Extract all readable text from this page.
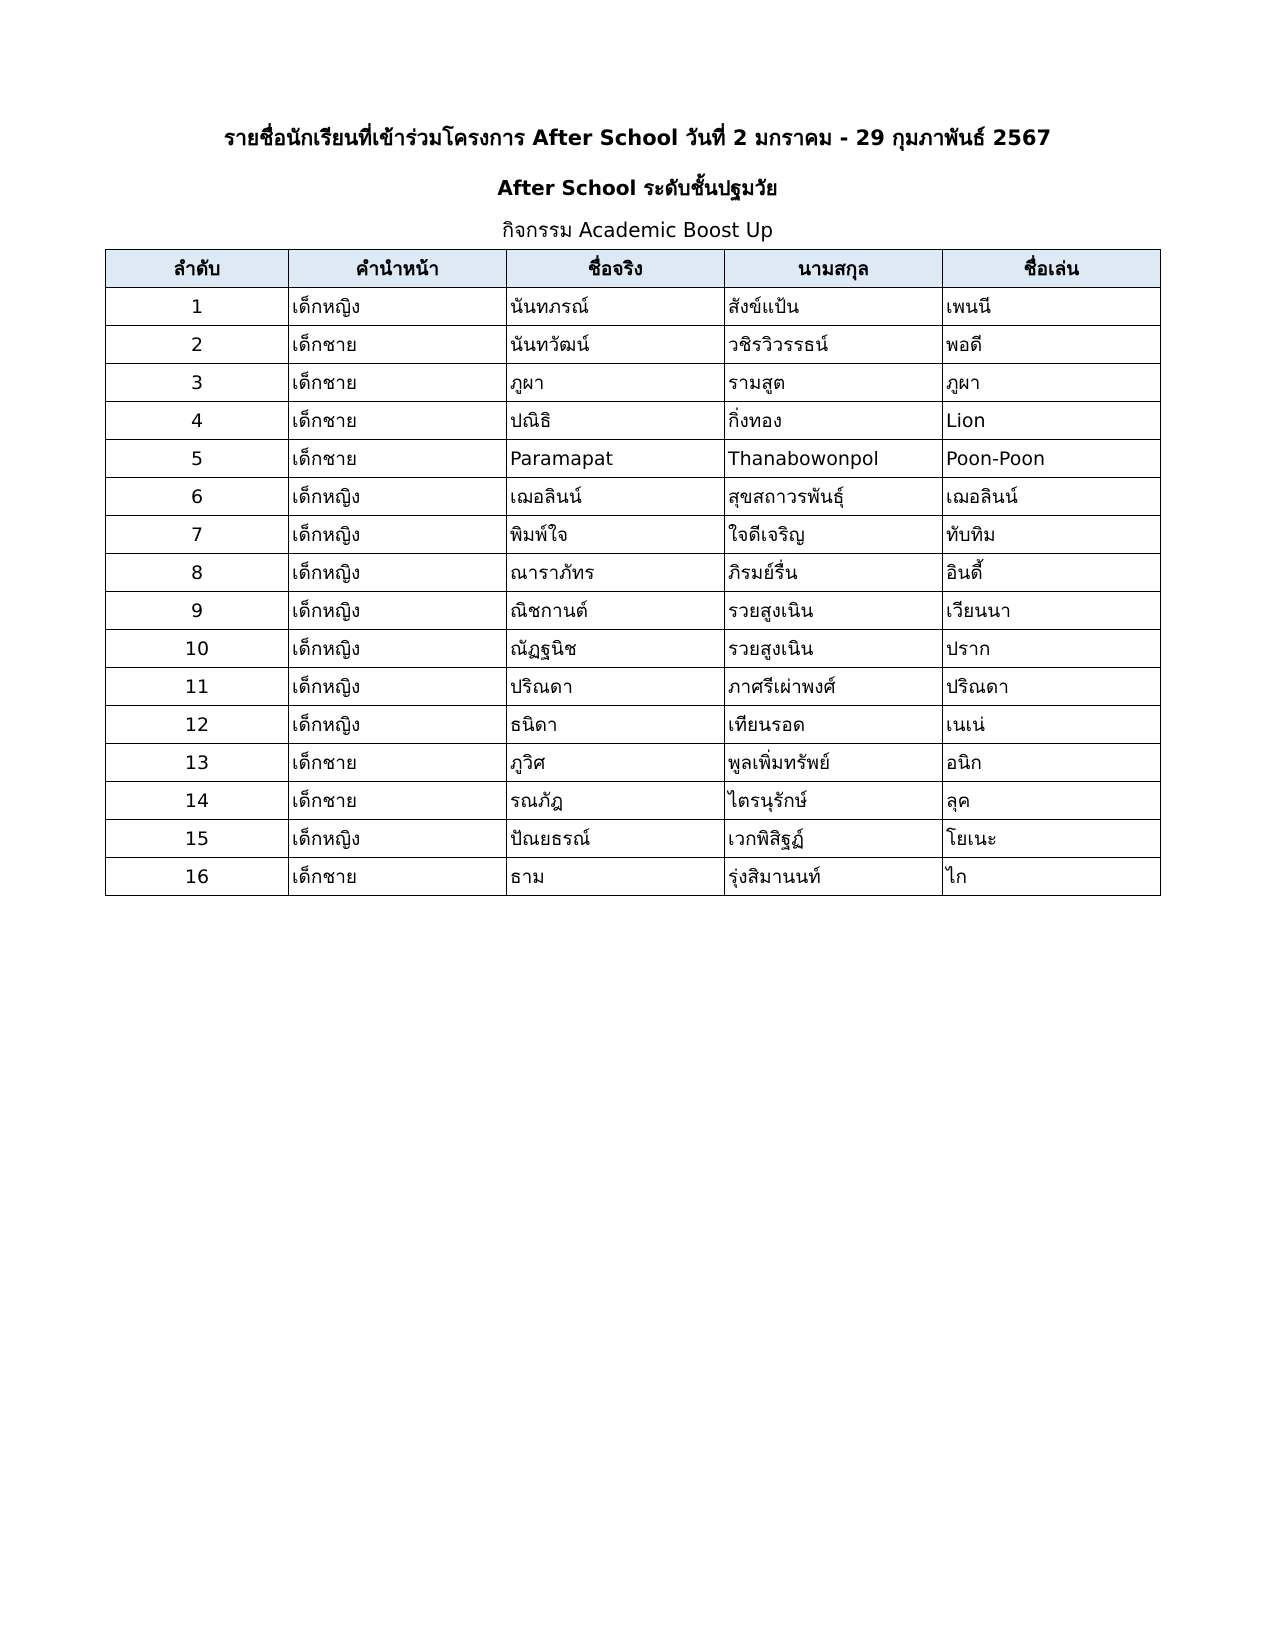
รายชื่อนักเรียนที่เข้าร่วมโครงการ After School วันที่ 2 มกราคม - 29 กุมภาพันธ์ 2567
After School ระดับชั้นปฐมวัย
กิจกรรม Academic Boost Up
ลำดับ	คำนำหน้า	ชื่อจริง	นามสกุล	ชื่อเล่น
1	เด็กหญิง	นันทภรณ์	สังข์แป้น	เพนนี
2	เด็กชาย	นันทวัฒน์	วชิรวิวรรธน์	พอดี
3	เด็กชาย	ภูผา	รามสูต	ภูผา
4	เด็กชาย	ปณิธิ	กิ่งทอง	Lion
5	เด็กชาย	Paramapat	Thanabowonpol	Poon-Poon
6	เด็กหญิง	เฌอลินน์	สุขสถาวรพันธุ์	เฌอลินน์
7	เด็กหญิง	พิมพ์ใจ	ใจดีเจริญ	ทับทิม
8	เด็กหญิง	ณาราภัทร	ภิรมย์รื่น	อินดี้
9	เด็กหญิง	ณิชกานต์	รวยสูงเนิน	เวียนนา
10	เด็กหญิง	ณัฏฐนิช	รวยสูงเนิน	ปราก
11	เด็กหญิง	ปริณดา	ภาศรีเผ่าพงศ์	ปริณดา
12	เด็กหญิง	ธนิดา	เทียนรอด	เนเน่
13	เด็กชาย	ภูวิศ	พูลเพิ่มทรัพย์	อนิก
14	เด็กชาย	รณภัฎ	ไตรนุรักษ์	ลุค
15	เด็กหญิง	ปัณยธรณ์	เวกพิสิฐฏ์	โยเนะ
16	เด็กชาย	ธาม	รุ่งสิมานนท์	ไก
